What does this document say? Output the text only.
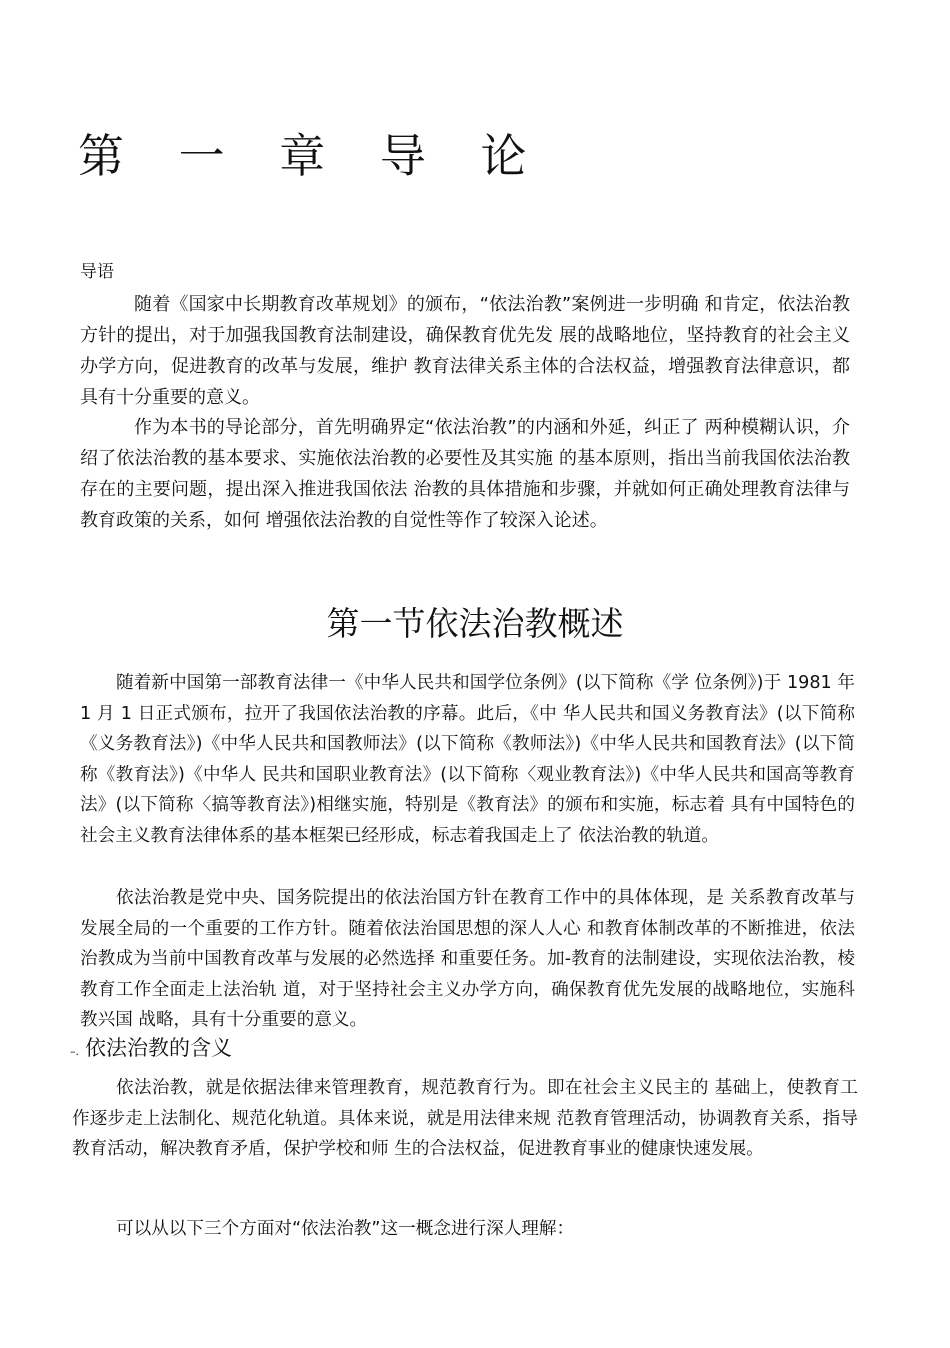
第 一 章 导 论
导语
随着《国家中长期教育改革规划》的颁布，“依法治教”案例进一步明确 和肯定，依法治教方针的提出，对于加强我国教育法制建设，确保教育优先发 展的战略地位，坚持教育的社会主义办学方向，促进教育的改革与发展，维护 教育法律关系主体的合法权益，增强教育法律意识，都具有十分重要的意义。
作为本书的导论部分，首先明确界定“依法治教”的内涵和外延，纠正了 两种模糊认识，介绍了依法治教的基本要求、实施依法治教的必要性及其实施 的基本原则，指出当前我国依法治教存在的主要问题，提出深入推进我国依法 治教的具体措施和步骤，并就如何正确处理教育法律与教育政策的关系，如何 增强依法治教的自觉性等作了较深入论述。
第一节依法治教概述
随着新中国第一部教育法律一《中华人民共和国学位条例》(以下简称《学 位条例》)于 1981 年 1 月 1 日正式颁布，拉开了我国依法治教的序幕。此后，《中 华人民共和国义务教育法》(以下简称《义务教育法》)《中华人民共和国教师法》(以下简称《教师法》)《中华人民共和国教育法》(以下简称《教育法》)《中华人 民共和国职业教育法》(以下简称〈观业教育法》)《中华人民共和国高等教育法》(以下简称〈搞等教育法》)相继实施，特别是《教育法》的颁布和实施，标志着 具有中国特色的社会主义教育法律体系的基本框架已经形成，标志着我国走上了 依法治教的轨道。
依法治教是党中央、国务院提出的依法治国方针在教育工作中的具体体现，是 关系教育改革与发展全局的一个重要的工作方针。随着依法治国思想的深人人心 和教育体制改革的不断推进，依法治教成为当前中国教育改革与发展的必然选择 和重要任务。加-教育的法制建设，实现依法治教，棱教育工作全面走上法治轨 道，对于坚持社会主义办学方向，确保教育优先发展的战略地位，实施科教兴国 战略，具有十分重要的意义。
–. 依法治教的含义
依法治教，就是依据法律来管理教育，规范教育行为。即在社会主义民主的 基础上，使教育工作逐步走上法制化、规范化轨道。具体来说，就是用法律来规 范教育管理活动，协调教育关系，指导教育活动，解决教育矛盾，保护学校和师 生的合法权益，促进教育事业的健康快速发展。
可以从以下三个方面对“依法治教”这一概念进行深人理解：
